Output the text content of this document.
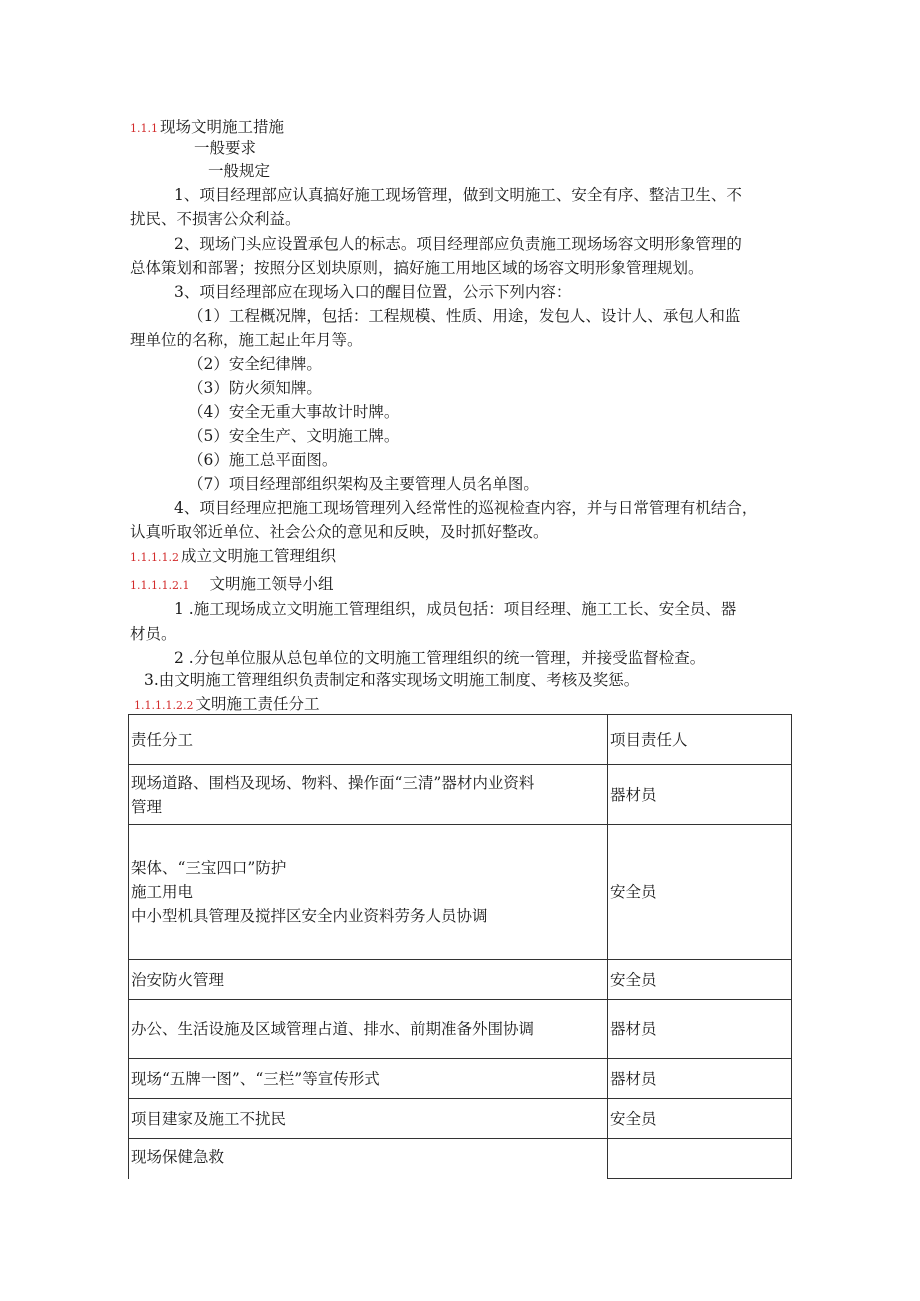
1.1.1 现场文明施工措施
一般要求
一般规定
1、项目经理部应认真搞好施工现场管理，做到文明施工、安全有序、整洁卫生、不
扰民、不损害公众利益。
2、现场门头应设置承包人的标志。项目经理部应负责施工现场场容文明形象管理的
总体策划和部署；按照分区划块原则，搞好施工用地区域的场容文明形象管理规划。
3、项目经理部应在现场入口的醒目位置，公示下列内容：
（1）工程概况牌，包括：工程规模、性质、用途，发包人、设计人、承包人和监
理单位的名称，施工起止年月等。
（2）安全纪律牌。
（3）防火须知牌。
（4）安全无重大事故计时牌。
（5）安全生产、文明施工牌。
（6）施工总平面图。
（7）项目经理部组织架构及主要管理人员名单图。
4、项目经理应把施工现场管理列入经常性的巡视检查内容，并与日常管理有机结合，
认真听取邻近单位、社会公众的意见和反映，及时抓好整改。
1.1.1.1.2 成立文明施工管理组织
1.1.1.1.2.1 文明施工领导小组
1 .施工现场成立文明施工管理组织，成员包括：项目经理、施工工长、安全员、器
材员。
2 .分包单位服从总包单位的文明施工管理组织的统一管理，并接受监督检查。
3.由文明施工管理组织负责制定和落实现场文明施工制度、考核及奖惩。
1.1.1.1.2.2 文明施工责任分工
责任分工	项目责任人

现场道路、围档及现场、物料、操作面“三清”器材内业资料
管理	器材员

架体、“三宝四口”防护
施工用电
中小型机具管理及搅拌区安全内业资料劳务人员协调	安全员

治安防火管理	安全员

办公、生活设施及区域管理占道、排水、前期准备外围协调	器材员

现场“五牌一图”、“三栏”等宣传形式	器材员

项目建家及施工不扰民	安全员

现场保健急救	
